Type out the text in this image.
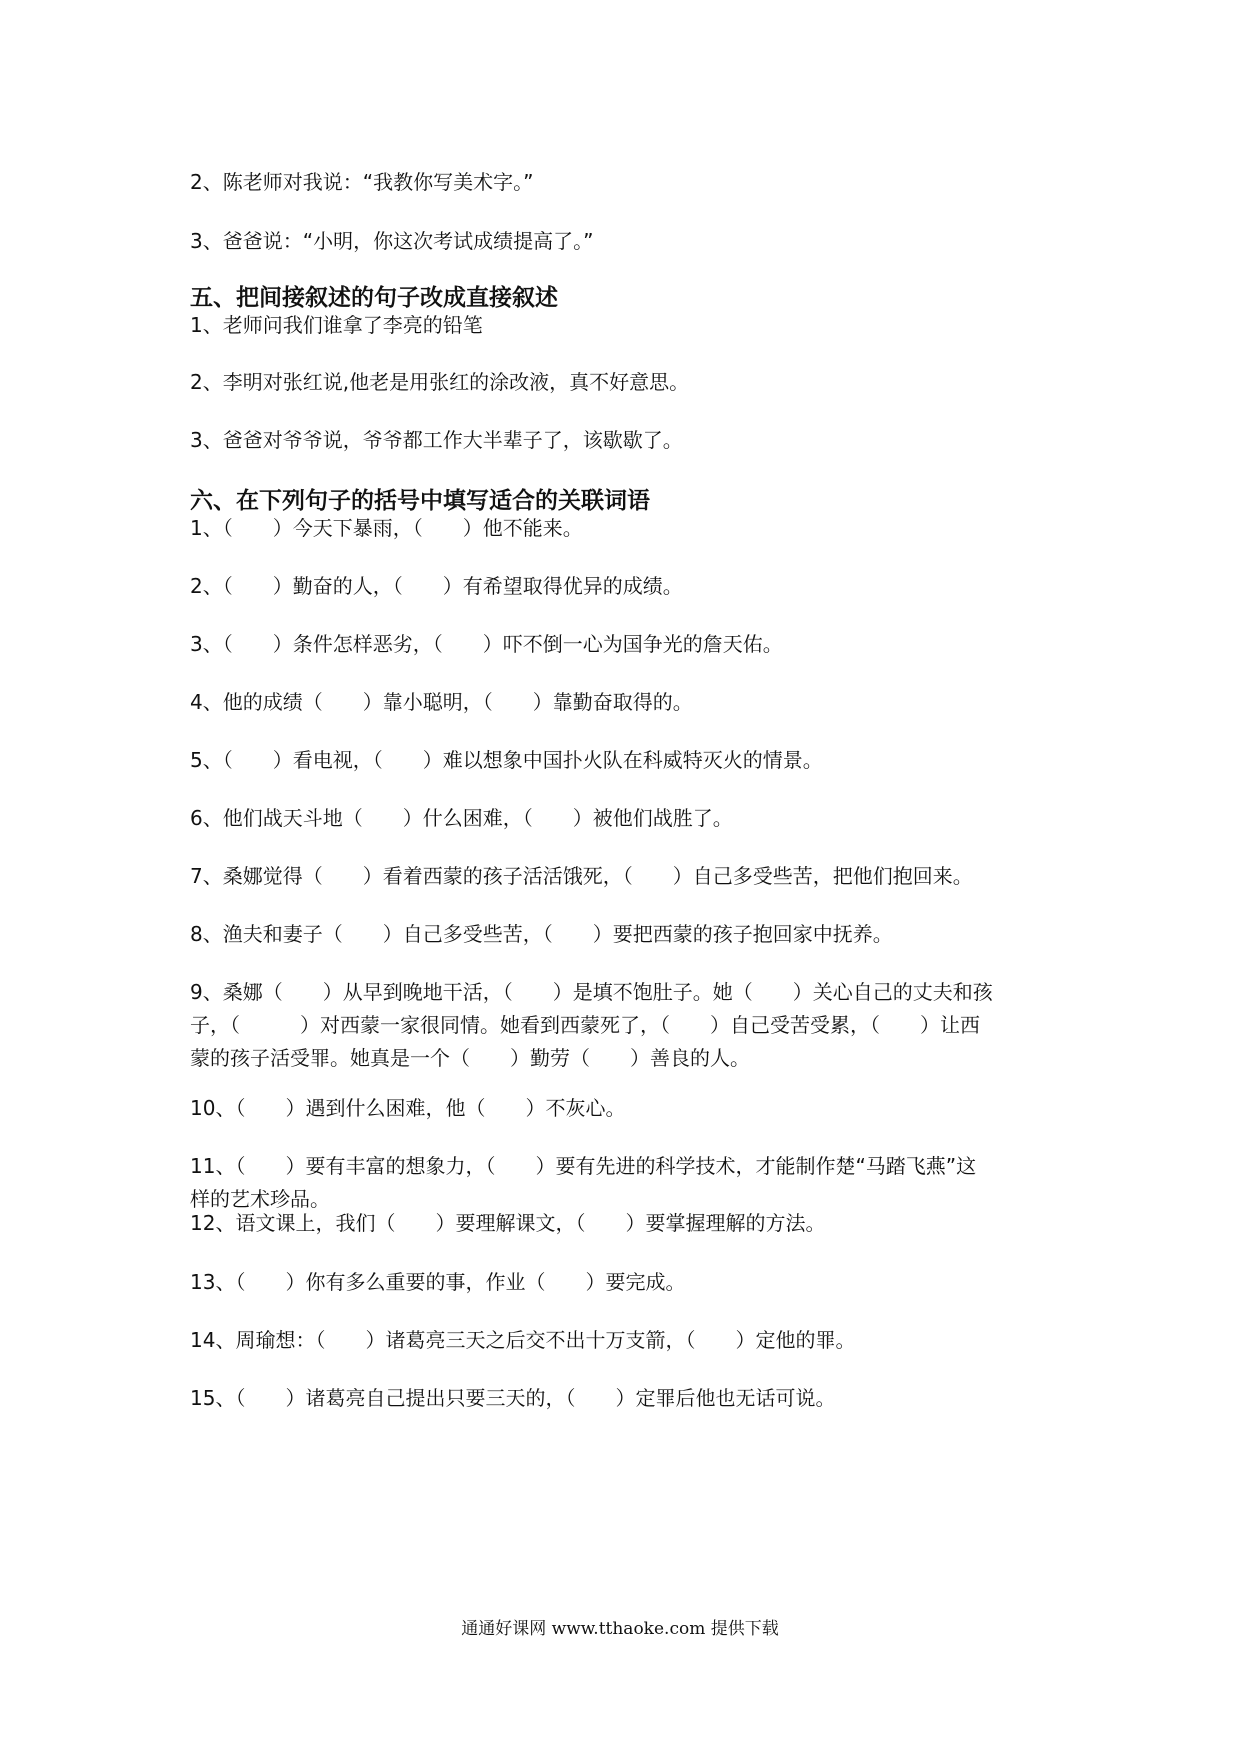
2、陈老师对我说：“我教你写美术字。”
3、爸爸说：“小明，你这次考试成绩提高了。”
五、把间接叙述的句子改成直接叙述
1、老师问我们谁拿了李亮的铅笔
2、李明对张红说,他老是用张红的涂改液，真不好意思。
3、爸爸对爷爷说，爷爷都工作大半辈子了，该歇歇了。
六、在下列句子的括号中填写适合的关联词语
1、（　　）今天下暴雨，（　　）他不能来。
2、（　　）勤奋的人，（　　）有希望取得优异的成绩。
3、（　　）条件怎样恶劣，（　　）吓不倒一心为国争光的詹天佑。
4、他的成绩（　　）靠小聪明，（　　）靠勤奋取得的。
5、（　　）看电视，（　　）难以想象中国扑火队在科威特灭火的情景。
6、他们战天斗地（　　）什么困难，（　　）被他们战胜了。
7、桑娜觉得（　　）看着西蒙的孩子活活饿死，（　　）自己多受些苦，把他们抱回来。
8、渔夫和妻子（　　）自己多受些苦，（　　）要把西蒙的孩子抱回家中抚养。
9、桑娜（　　）从早到晚地干活，（　　）是填不饱肚子。她（　　）关心自己的丈夫和孩
子，（　　　）对西蒙一家很同情。她看到西蒙死了，（　　）自己受苦受累，（　　）让西
蒙的孩子活受罪。她真是一个（　　）勤劳（　　）善良的人。
10、（　　）遇到什么困难，他（　　）不灰心。
11、（　　）要有丰富的想象力，（　　）要有先进的科学技术，才能制作楚“马踏飞燕”这
样的艺术珍品。
12、语文课上，我们（　　）要理解课文，（　　）要掌握理解的方法。
13、（　　）你有多么重要的事，作业（　　）要完成。
14、周瑜想：（　　）诸葛亮三天之后交不出十万支箭，（　　）定他的罪。
15、（　　）诸葛亮自己提出只要三天的，（　　）定罪后他也无话可说。
通通好课网 www.tthaoke.com 提供下载
